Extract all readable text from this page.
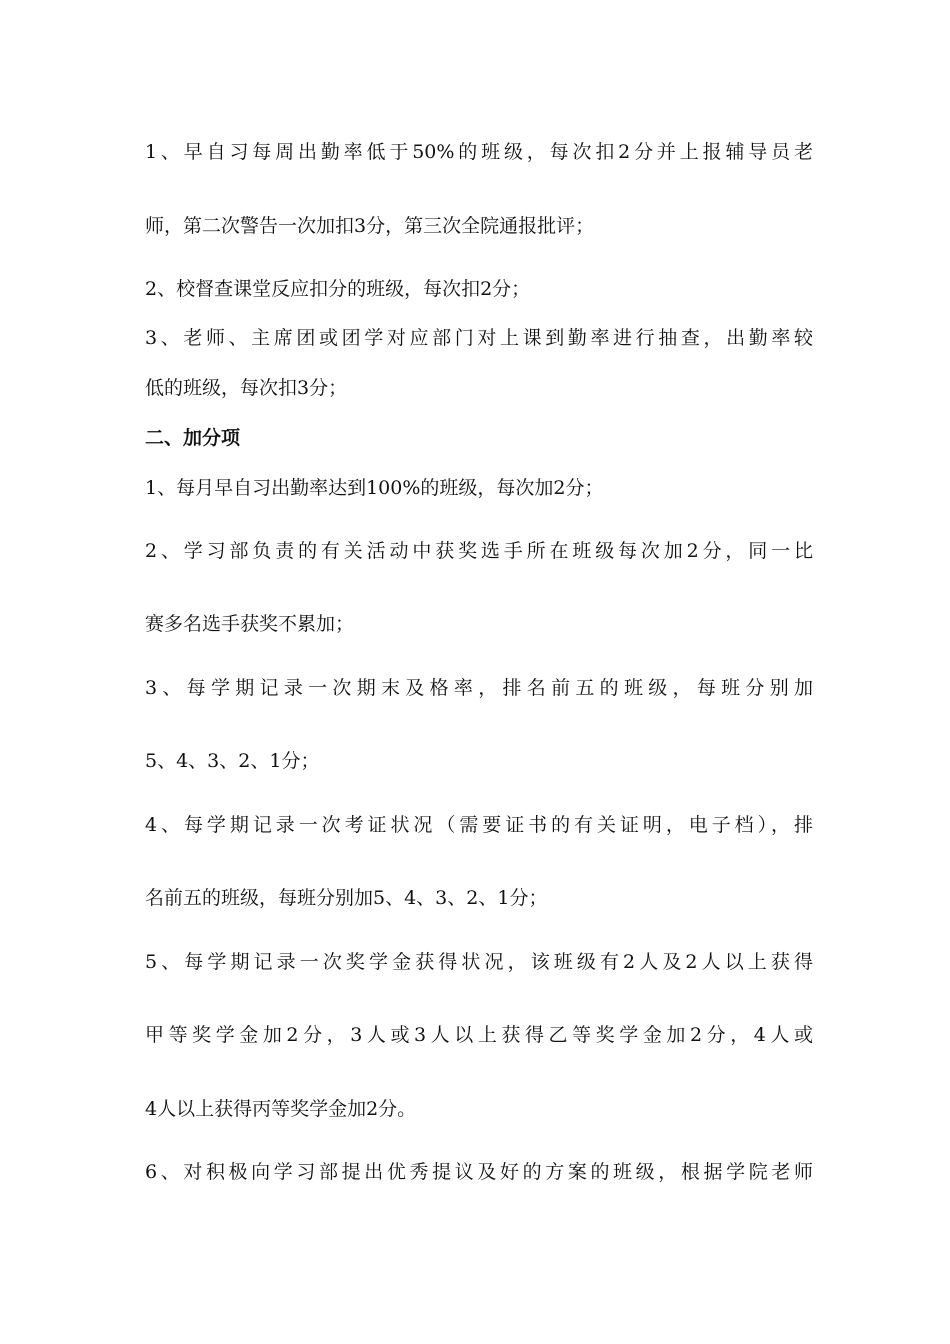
1、早自习每周出勤率低于50%的班级，每次扣2分并上报辅导员老
师，第二次警告一次加扣3分，第三次全院通报批评；
2、校督查课堂反应扣分的班级，每次扣2分；
3、老师、主席团或团学对应部门对上课到勤率进行抽查，出勤率较
低的班级，每次扣3分；
二、加分项
1、每月早自习出勤率达到100%的班级，每次加2分；
2、学习部负责的有关活动中获奖选手所在班级每次加2分，同一比
赛多名选手获奖不累加；
3、每学期记录一次期末及格率，排名前五的班级，每班分别加
5、4、3、2、1分；
4、每学期记录一次考证状况（需要证书的有关证明，电子档），排
名前五的班级，每班分别加5、4、3、2、1分；
5、每学期记录一次奖学金获得状况，该班级有2人及2人以上获得
甲等奖学金加2分，3人或3人以上获得乙等奖学金加2分，4人或
4人以上获得丙等奖学金加2分。
6、对积极向学习部提出优秀提议及好的方案的班级，根据学院老师
